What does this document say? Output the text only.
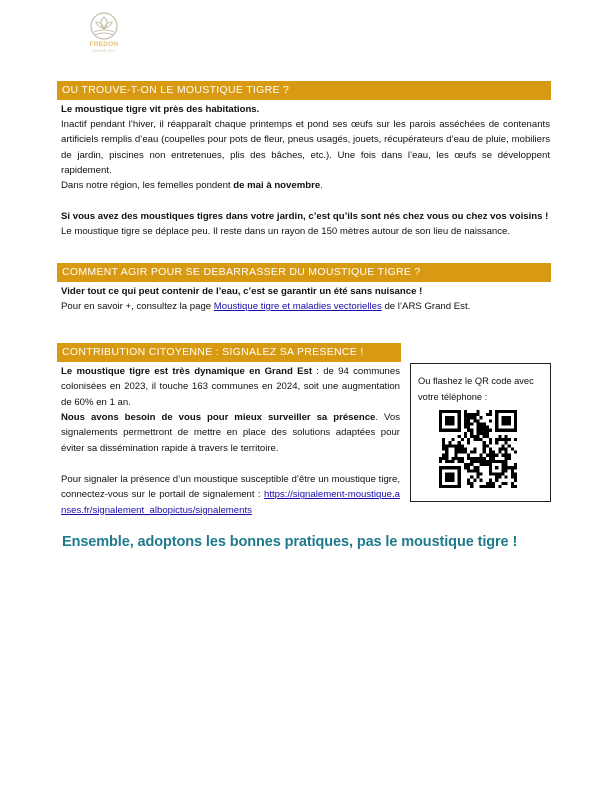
FREDON
GRAND EST
OU TROUVE-T-ON LE MOUSTIQUE TIGRE ?
Le moustique tigre vit près des habitations.
Inactif pendant l’hiver, il réapparaît chaque printemps et pond ses œufs sur les parois asséchées de contenants artificiels remplis d’eau (coupelles pour pots de fleur, pneus usagés, jouets, récupérateurs d’eau de pluie, mobiliers de jardin, piscines non entretenues, plis des bâches, etc.). Une fois dans l’eau, les œufs se développent rapidement.
Dans notre région, les femelles pondent de mai à novembre.
Si vous avez des moustiques tigres dans votre jardin, c’est qu’ils sont nés chez vous ou chez vos voisins !
Le moustique tigre se déplace peu. Il reste dans un rayon de 150 mètres autour de son lieu de naissance.
COMMENT AGIR POUR SE DEBARRASSER DU MOUSTIQUE TIGRE ?
Vider tout ce qui peut contenir de l’eau, c’est se garantir un été sans nuisance !
Pour en savoir +, consultez la page Moustique tigre et maladies vectorielles de l’ARS Grand Est.
CONTRIBUTION CITOYENNE : SIGNALEZ SA PRESENCE !
Le moustique tigre est très dynamique en Grand Est : de 94 communes colonisées en 2023, il touche 163 communes en 2024, soit une augmentation de 60% en 1 an.
Nous avons besoin de vous pour mieux surveiller sa présence. Vos signalements permettront de mettre en place des solutions adaptées pour éviter sa dissémination rapide à travers le territoire.
Pour signaler la présence d’un moustique susceptible d’être un moustique tigre, connectez-vous sur le portail de signalement : https://signalement-moustique.anses.fr/signalement_albopictus/signalements
Ou flashez le QR code avec votre téléphone :
Ensemble, adoptons les bonnes pratiques, pas le moustique tigre !
